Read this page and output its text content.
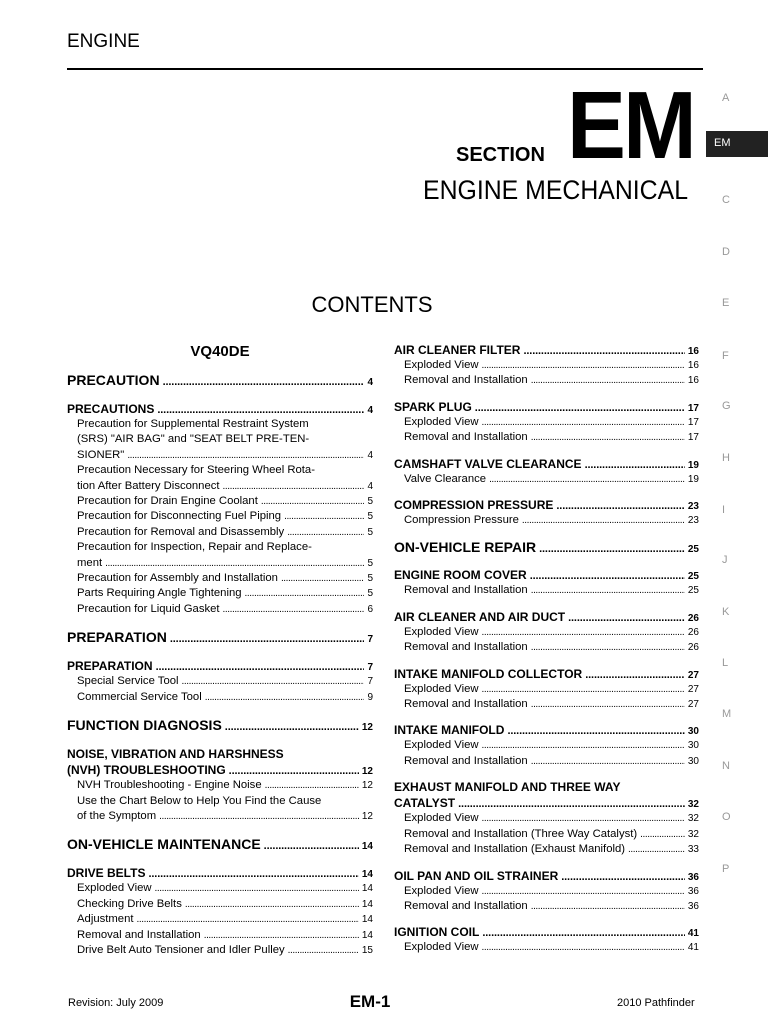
ENGINE
SECTION EM
ENGINE MECHANICAL
CONTENTS
A
EM
C
D
E
F
G
H
I
J
K
L
M
N
O
P
VQ40DE
PRECAUTION . . .	4
PRECAUTIONS . . .	4
Precaution for Supplemental Restraint System
(SRS) "AIR BAG" and "SEAT BELT PRE-TEN-
SIONER" . . .	4
Precaution Necessary for Steering Wheel Rota-
tion After Battery Disconnect . . .	4
Precaution for Drain Engine Coolant . . .	5
Precaution for Disconnecting Fuel Piping . . .	5
Precaution for Removal and Disassembly . . .	5
Precaution for Inspection, Repair and Replace-
ment . . .	5
Precaution for Assembly and Installation . . .	5
Parts Requiring Angle Tightening . . .	5
Precaution for Liquid Gasket . . .	6
PREPARATION . . .	7
PREPARATION . . .	7
Special Service Tool . . .	7
Commercial Service Tool . . .	9
FUNCTION DIAGNOSIS . . .	12
NOISE, VIBRATION AND HARSHNESS
(NVH) TROUBLESHOOTING . . .	12
NVH Troubleshooting - Engine Noise . . .	12
Use the Chart Below to Help You Find the Cause
of the Symptom . . .	12
ON-VEHICLE MAINTENANCE . . .	14
DRIVE BELTS . . .	14
Exploded View . . .	14
Checking Drive Belts . . .	14
Adjustment . . .	14
Removal and Installation . . .	14
Drive Belt Auto Tensioner and Idler Pulley . . .	15
AIR CLEANER FILTER . . .	16
Exploded View . . .	16
Removal and Installation . . .	16
SPARK PLUG . . .	17
Exploded View . . .	17
Removal and Installation . . .	17
CAMSHAFT VALVE CLEARANCE . . .	19
Valve Clearance . . .	19
COMPRESSION PRESSURE . . .	23
Compression Pressure . . .	23
ON-VEHICLE REPAIR . . .	25
ENGINE ROOM COVER . . .	25
Removal and Installation . . .	25
AIR CLEANER AND AIR DUCT . . .	26
Exploded View . . .	26
Removal and Installation . . .	26
INTAKE MANIFOLD COLLECTOR . . .	27
Exploded View . . .	27
Removal and Installation . . .	27
INTAKE MANIFOLD . . .	30
Exploded View . . .	30
Removal and Installation . . .	30
EXHAUST MANIFOLD AND THREE WAY
CATALYST . . .	32
Exploded View . . .	32
Removal and Installation (Three Way Catalyst) . . .	32
Removal and Installation (Exhaust Manifold) . . .	33
OIL PAN AND OIL STRAINER . . .	36
Exploded View . . .	36
Removal and Installation . . .	36
IGNITION COIL . . .	41
Exploded View . . .	41
Revision: July 2009	EM-1	2010 Pathfinder
